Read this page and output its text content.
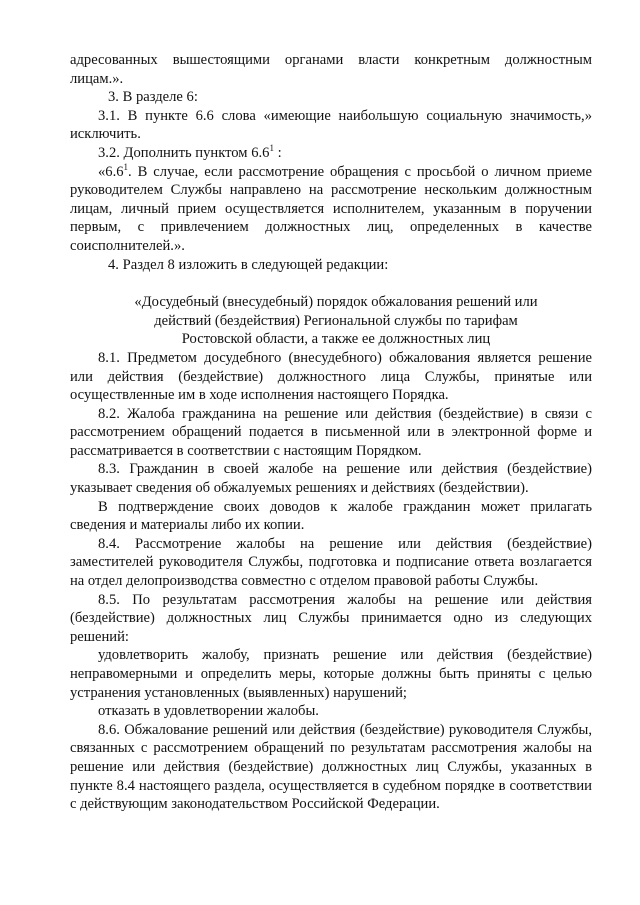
адресованных вышестоящими органами власти конкретным должностным лицам.».

3. В разделе 6:

3.1. В пункте 6.6 слова «имеющие наибольшую социальную значимость,» исключить.

3.2. Дополнить пунктом $6.6^1$ :

«$6.6^1$. В случае, если рассмотрение обращения с просьбой о личном приеме руководителем Службы направлено на рассмотрение нескольким должностным лицам, личный прием осуществляется исполнителем, указанным в поручении первым, с привлечением должностных лиц, определенных в качестве соисполнителей.».

4. Раздел 8 изложить в следующей редакции:

«Досудебный (внесудебный) порядок обжалования решений или

действий (бездействия) Региональной службы по тарифам

Ростовской области, а также ее должностных лиц

8.1. Предметом досудебного (внесудебного) обжалования является решение или действия (бездействие) должностного лица Службы, принятые или осуществленные им в ходе исполнения настоящего Порядка.

8.2. Жалоба гражданина на решение или действия (бездействие) в связи с рассмотрением обращений подается в письменной или в электронной форме и рассматривается в соответствии с настоящим Порядком.

8.3. Гражданин в своей жалобе на решение или действия (бездействие) указывает сведения об обжалуемых решениях и действиях (бездействии).

В подтверждение своих доводов к жалобе гражданин может прилагать сведения и материалы либо их копии.

8.4. Рассмотрение жалобы на решение или действия (бездействие) заместителей руководителя Службы, подготовка и подписание ответа возлагается на отдел делопроизводства совместно с отделом правовой работы Службы.

8.5. По результатам рассмотрения жалобы на решение или действия (бездействие) должностных лиц Службы принимается одно из следующих решений:

удовлетворить жалобу, признать решение или действия (бездействие) неправомерными и определить меры, которые должны быть приняты с целью устранения установленных (выявленных) нарушений;

отказать в удовлетворении жалобы.

8.6. Обжалование решений или действия (бездействие) руководителя Службы, связанных с рассмотрением обращений по результатам рассмотрения жалобы на решение или действия (бездействие) должностных лиц Службы, указанных в пункте 8.4 настоящего раздела, осуществляется в судебном порядке в соответствии с действующим законодательством Российской Федерации.
